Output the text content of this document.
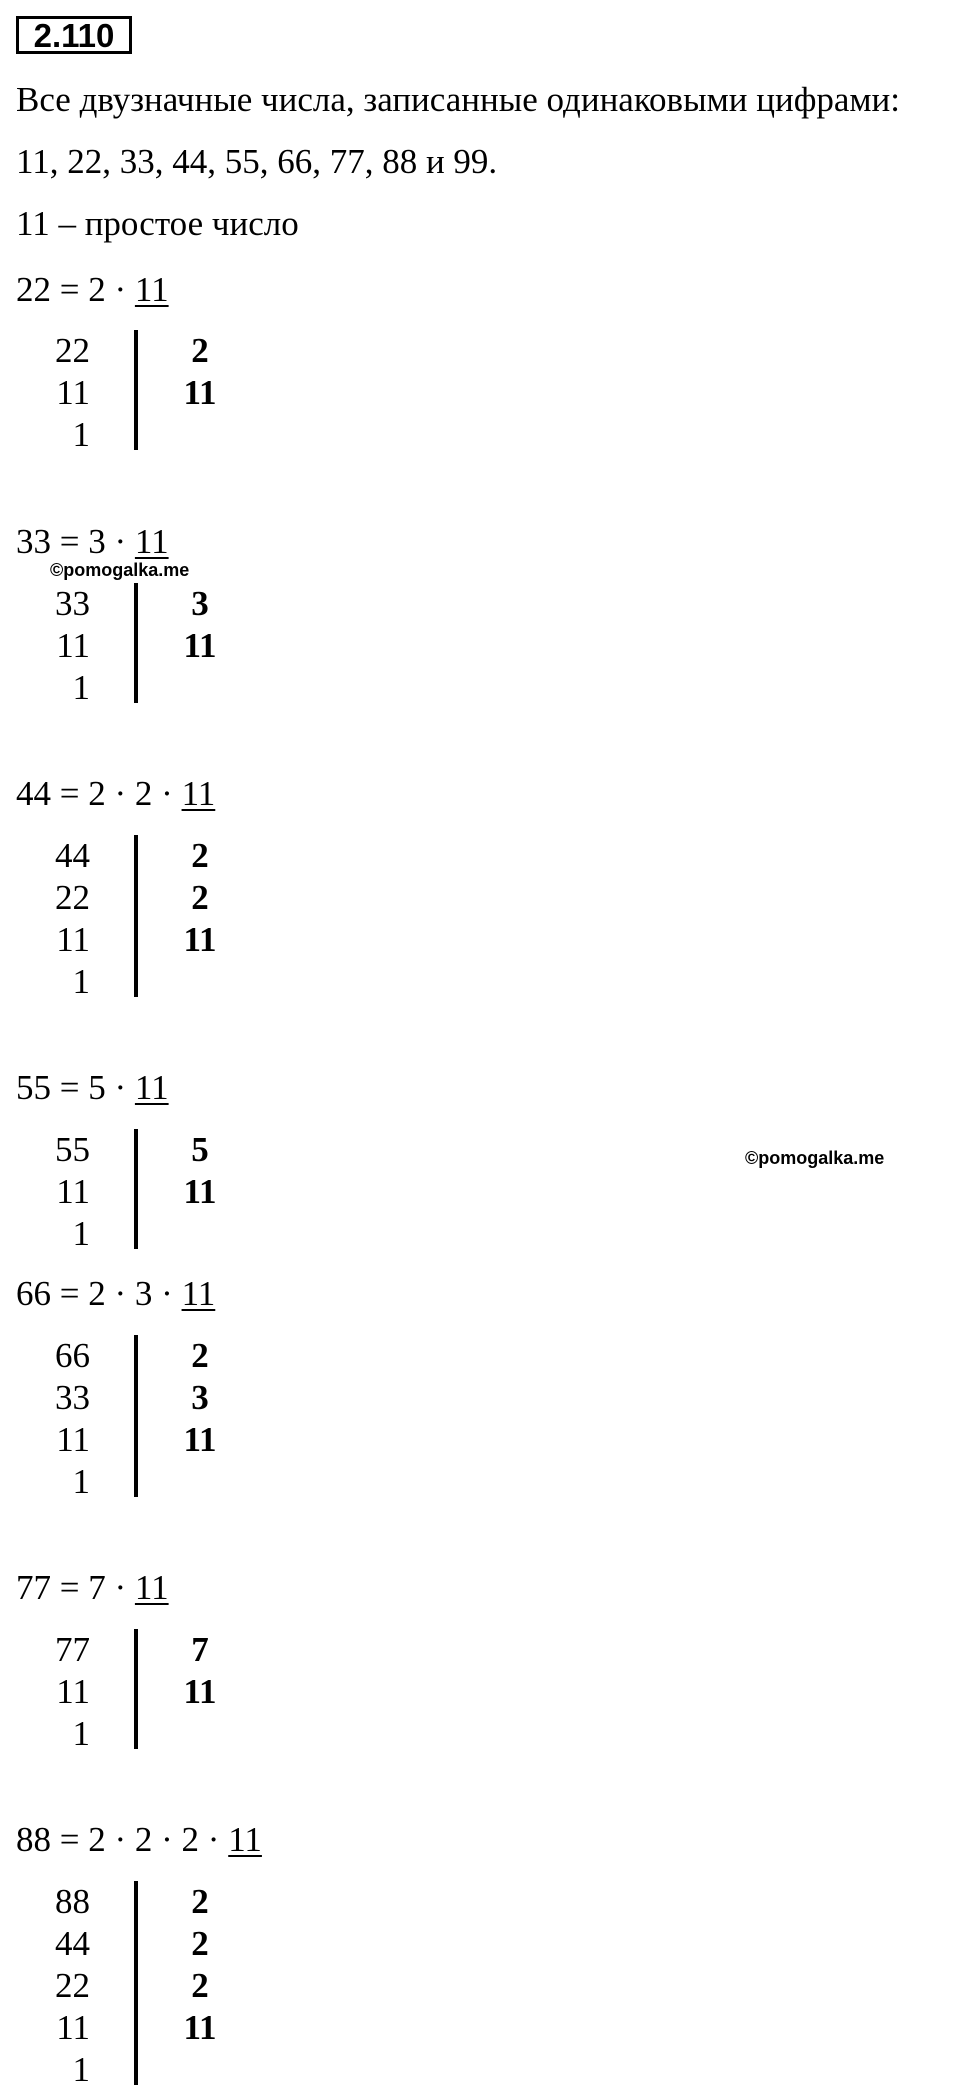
2.110
Все двузначные числа, записанные одинаковыми цифрами:
11, 22, 33, 44, 55, 66, 77, 88 и 99.
11 – простое число
22 = 2 · 11
22	2
11	11
1
33 = 3 · 11
33	3
11	11
1
44 = 2 · 2 · 11
44	2
22	2
11	11
1
55 = 5 · 11
55	5
11	11
1
66 = 2 · 3 · 11
66	2
33	3
11	11
1
77 = 7 · 11
77	7
11	11
1
88 = 2 · 2 · 2 · 11
88	2
44	2
22	2
11	11
1
©pomogalka.me
©pomogalka.me
